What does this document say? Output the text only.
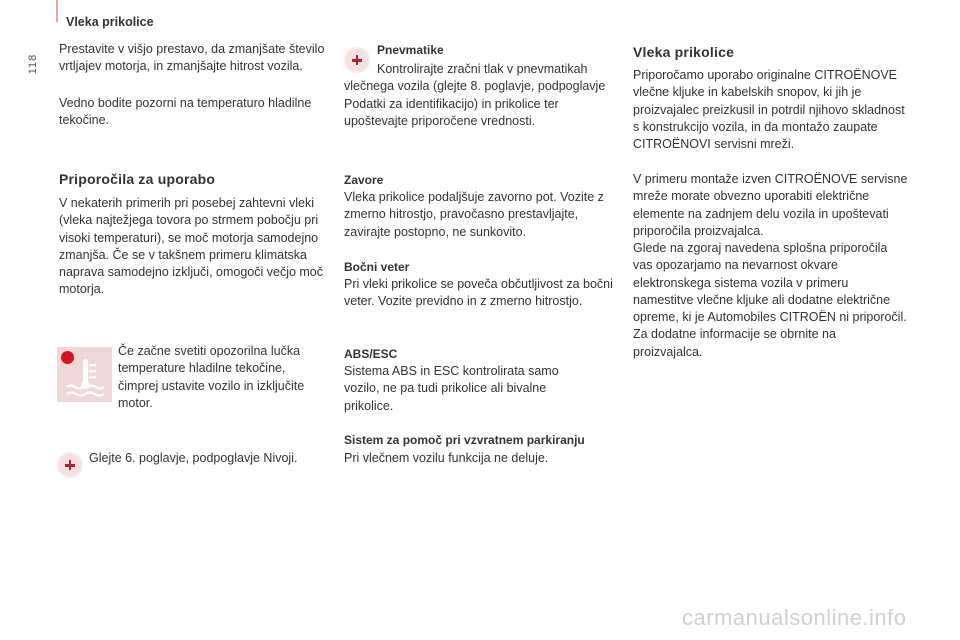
Vleka prikolice
118

Prestavite v višjo prestavo, da zmanjšate število vrtljajev motorja, in zmanjšajte hitrost vozila.

Vedno bodite pozorni na temperaturo hladilne tekočine.

Priporočila za uporabo

V nekaterih primerih pri posebej zahtevni vleki (vleka najtežjega tovora po strmem pobočju pri visoki temperaturi), se moč motorja samodejno zmanjša. Če se v takšnem primeru klimatska naprava samodejno izključi, omogoči večjo moč motorja.

Če začne svetiti opozorilna lučka temperature hladilne tekočine, čimprej ustavite vozilo in izključite motor.

Glejte 6. poglavje, podpoglavje Nivoji.

Pnevmatike

Kontrolirajte zračni tlak v pnevmatikah vlečnega vozila (glejte 8. poglavje, podpoglavje Podatki za identifikacijo) in prikolice ter upoštevajte priporočene vrednosti.

Zavore

Vleka prikolice podaljšuje zavorno pot. Vozite z zmerno hitrostjo, pravočasno prestavljajte, zavirajte postopno, ne sunkovito.

Bočni veter

Pri vleki prikolice se poveča občutljivost za bočni veter. Vozite previdno in z zmerno hitrostjo.

ABS/ESC

Sistema ABS in ESC kontrolirata samo vozilo, ne pa tudi prikolice ali bivalne prikolice.

Sistem za pomoč pri vzvratnem parkiranju

Pri vlečnem vozilu funkcija ne deluje.

Vleka prikolice

Priporočamo uporabo originalne CITROËNOVE vlečne kljuke in kabelskih snopov, ki jih je proizvajalec preizkusil in potrdil njihovo skladnost s konstrukcijo vozila, in da montažo zaupate CITROËNOVI servisni mreži.

V primeru montaže izven CITROËNOVE servisne mreže morate obvezno uporabiti električne elemente na zadnjem delu vozila in upoštevati priporočila proizvajalca.

Glede na zgoraj navedena splošna priporočila vas opozarjamo na nevarnost okvare elektronskega sistema vozila v primeru namestitve vlečne kljuke ali dodatne električne opreme, ki je Automobiles CITROËN ni priporočil. Za dodatne informacije se obrnite na proizvajalca.

carmanualsonline.info
